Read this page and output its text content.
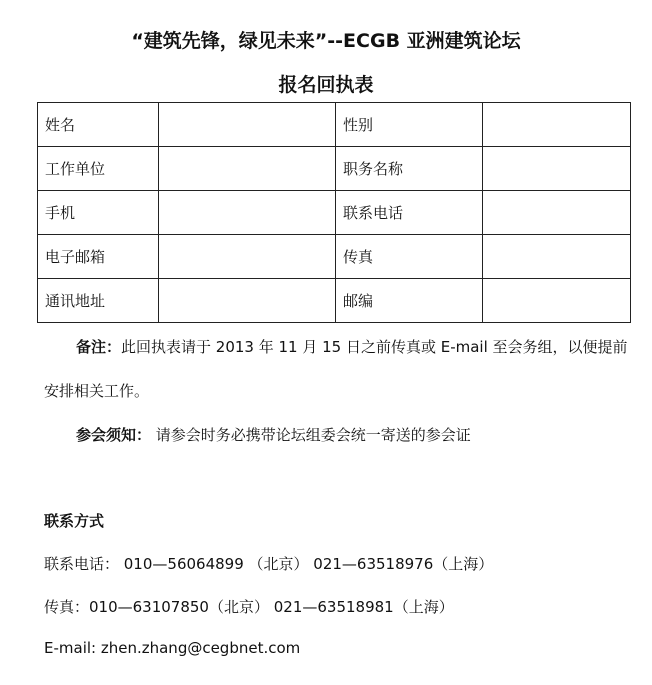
“建筑先锋，绿见未来”--ECGB 亚洲建筑论坛
报名回执表
姓名		性别	
工作单位		职务名称	
手机		联系电话	
电子邮箱		传真	
通讯地址		邮编	
备注：此回执表请于 2013 年 11 月 15 日之前传真或 E-mail 至会务组，以便提前
安排相关工作。
参会须知： 请参会时务必携带论坛组委会统一寄送的参会证
联系方式
联系电话： 010—56064899 （北京） 021—63518976（上海）
传真：010—63107850（北京） 021—63518981（上海）
E-mail: zhen.zhang@cegbnet.com
